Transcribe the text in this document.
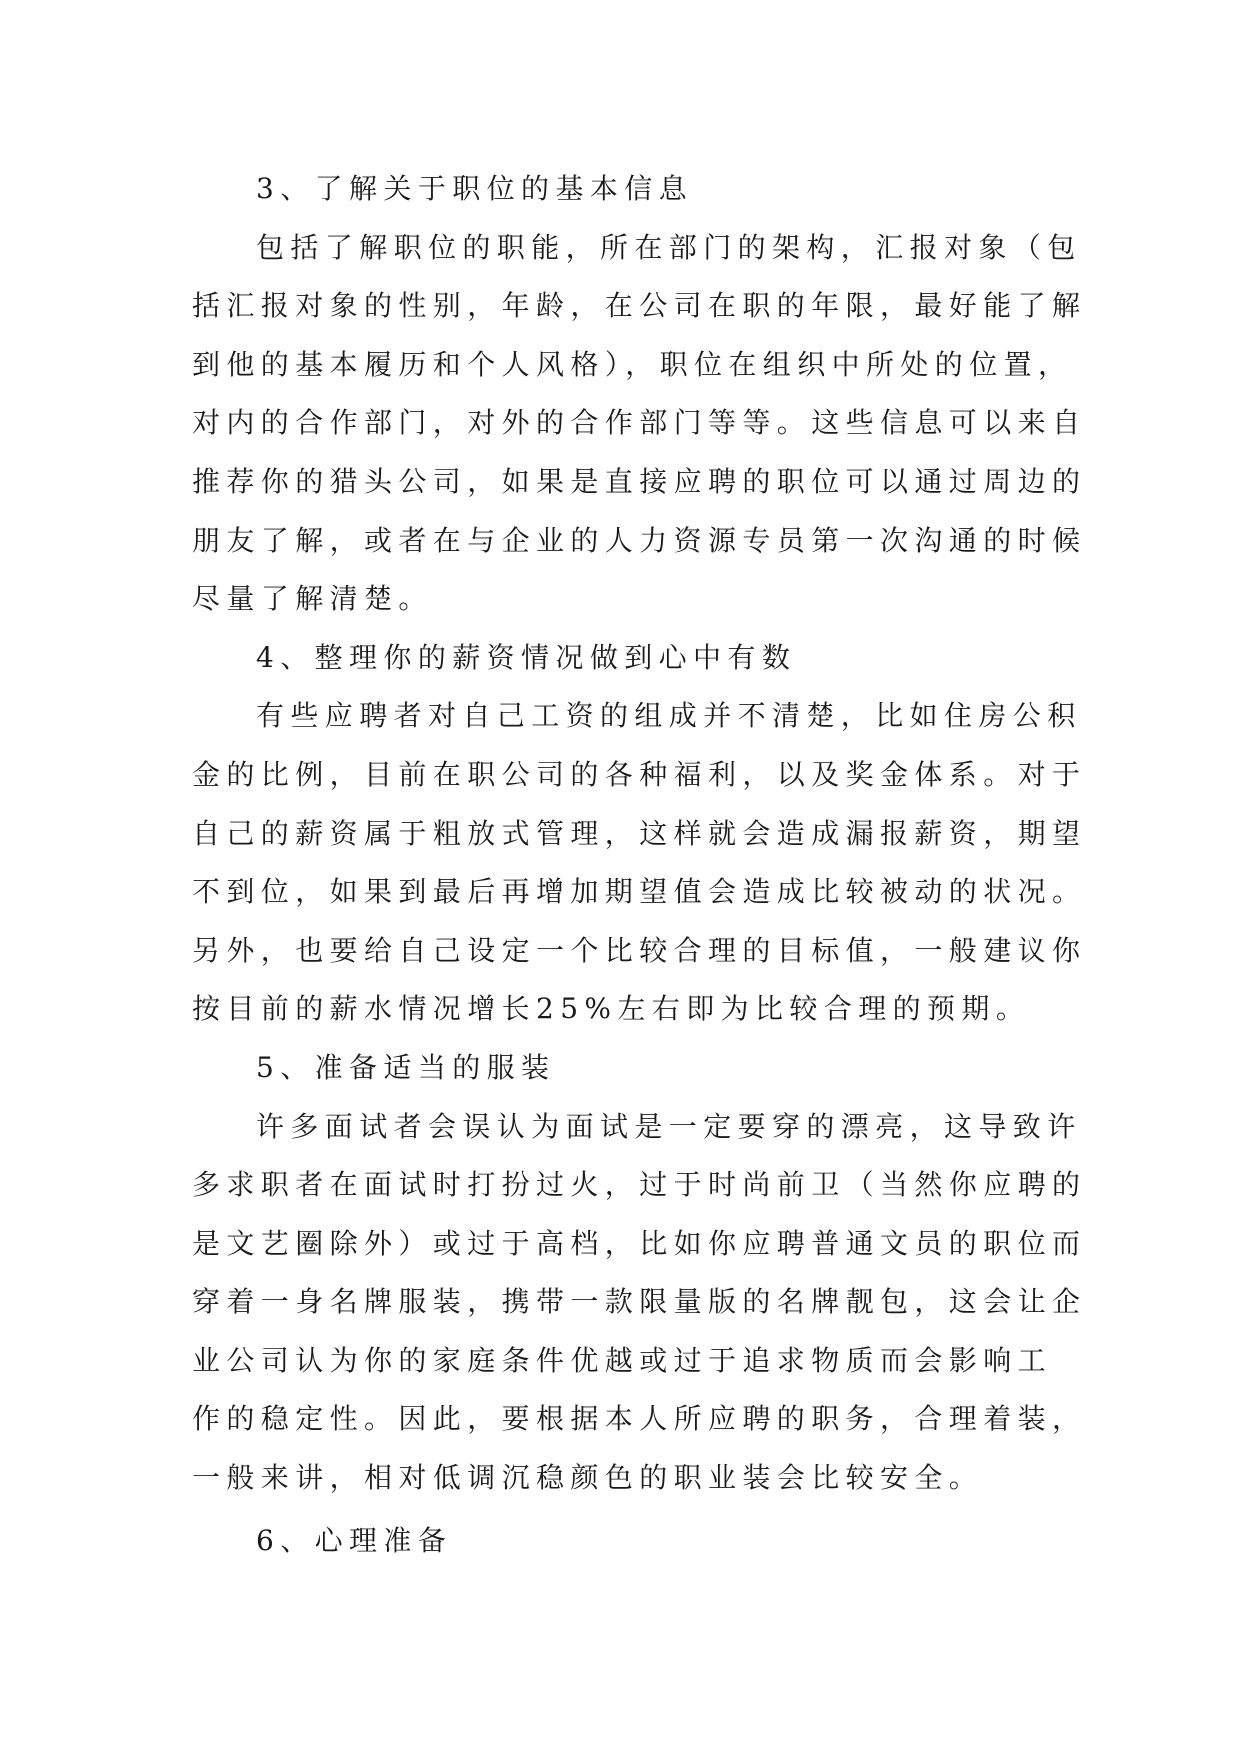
3、了解关于职位的基本信息
包括了解职位的职能，所在部门的架构，汇报对象（包
括汇报对象的性别，年龄，在公司在职的年限，最好能了解
到他的基本履历和个人风格），职位在组织中所处的位置，
对内的合作部门，对外的合作部门等等。这些信息可以来自
推荐你的猎头公司，如果是直接应聘的职位可以通过周边的
朋友了解，或者在与企业的人力资源专员第一次沟通的时候
尽量了解清楚。
4、整理你的薪资情况做到心中有数
有些应聘者对自己工资的组成并不清楚，比如住房公积
金的比例，目前在职公司的各种福利，以及奖金体系。对于
自己的薪资属于粗放式管理，这样就会造成漏报薪资，期望
不到位，如果到最后再增加期望值会造成比较被动的状况。
另外，也要给自己设定一个比较合理的目标值，一般建议你
按目前的薪水情况增长25%左右即为比较合理的预期。
5、准备适当的服装
许多面试者会误认为面试是一定要穿的漂亮，这导致许
多求职者在面试时打扮过火，过于时尚前卫（当然你应聘的
是文艺圈除外）或过于高档，比如你应聘普通文员的职位而
穿着一身名牌服装，携带一款限量版的名牌靓包，这会让企
业公司认为你的家庭条件优越或过于追求物质而会影响工
作的稳定性。因此，要根据本人所应聘的职务，合理着装，
一般来讲，相对低调沉稳颜色的职业装会比较安全。
6、心理准备
